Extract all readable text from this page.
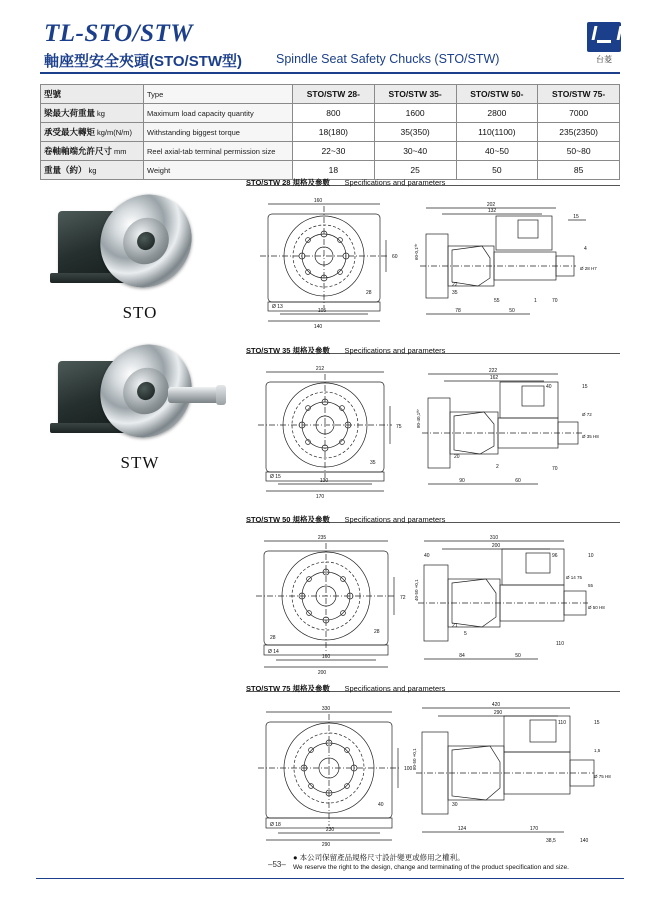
TL-STO/STW
軸座型安全夾頭(STO/STW型)	Spindle Seat Safety Chucks (STO/STW)	台菱
型號	Type	STO/STW 28-	STO/STW 35-	STO/STW 50-	STO/STW 75-
梁最大荷重量 kg	Maximum load capacity quantity	800	1600	2800	7000
承受最大轉矩 kg/m(N/m)	Withstanding biggest torque	18(180)	35(350)	110(1100)	235(2350)
卷軸軸端允許尺寸 mm	Reel axial-tab terminal permission size	22~30	30~40	40~50	50~80
重量（約） kg	Weight	18	25	50	85
STO
STW
STO/STW 28 規格及參數 Specifications and parameters
160
60
140
105
Ø 13
28
202
132
15
4
Ø 28 H7
60-0,1ᴴ⁷
78	50
55	1	70
35
22
STO/STW 35 規格及參數 Specifications and parameters
212
75
170
130
Ø 15
35
222
162
40	15
Ø 72
Ø 35 H8
80-40,1ᴴ⁷
90	60
70
2
20
STO/STW 50 規格及參數 Specifications and parameters
235
72
200
160
Ø 14
28
28
310
200
40	96	10
Ø 14 75
55
Ø 50 H8
40-50 +0,1
84	50
110
21
5
STO/STW 75 規格及參數 Specifications and parameters
330
100
290
230
Ø 18
40
420
290
110	15
1,5
Ø 75 H8
80-50 +0,1
124	170
38,5	140
30
● 本公司保留產品規格尺寸設計變更或修用之權利。
We reserve the right to the design, change and terminating of the product specification and size.
–53–
